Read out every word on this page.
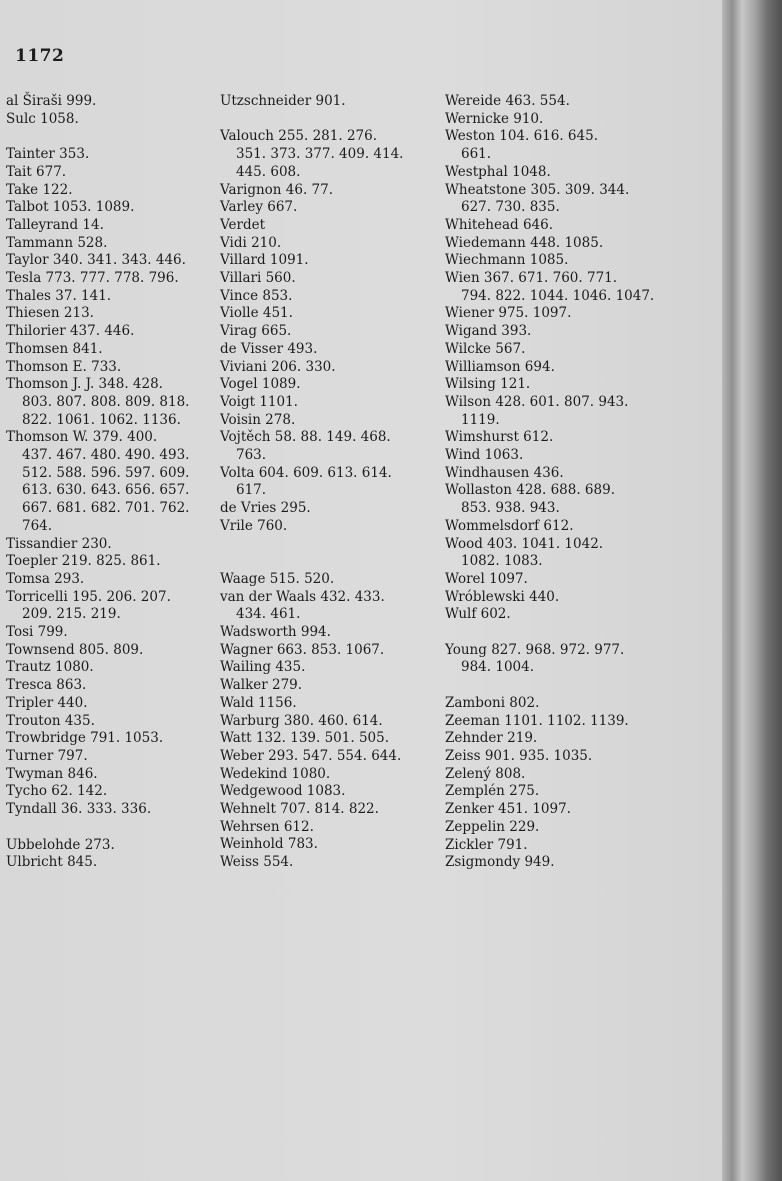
1172
al Širaši 999.
Sulc 1058.
Tainter 353.
Tait 677.
Take 122.
Talbot 1053. 1089.
Talleyrand 14.
Tammann 528.
Taylor 340. 341. 343. 446.
Tesla 773. 777. 778. 796.
Thales 37. 141.
Thiesen 213.
Thilorier 437. 446.
Thomsen 841.
Thomson E. 733.
Thomson J. J. 348. 428.

803. 807. 808. 809. 818.
822. 1061. 1062. 1136.
Thomson W. 379. 400.

437. 467. 480. 490. 493.
512. 588. 596. 597. 609.
613. 630. 643. 656. 657.
667. 681. 682. 701. 762.
764.
Tissandier 230.
Toepler 219. 825. 861.
Tomsa 293.
Torricelli 195. 206. 207.

209. 215. 219.
Tosi 799.
Townsend 805. 809.
Trautz 1080.
Tresca 863.
Tripler 440.
Trouton 435.
Trowbridge 791. 1053.
Turner 797.
Twyman 846.
Tycho 62. 142.
Tyndall 36. 333. 336.
Ubbelohde 273.
Ulbricht 845.
Utzschneider 901.
Valouch 255. 281. 276.

351. 373. 377. 409. 414.
445. 608.
Varignon 46. 77.
Varley 667.
Verdet
Vidi 210.
Villard 1091.
Villari 560.
Vince 853.
Violle 451.
Virag 665.
de Visser 493.
Viviani 206. 330.
Vogel 1089.
Voigt 1101.
Voisin 278.
Vojtěch 58. 88. 149. 468.

763.
Volta 604. 609. 613. 614.

617.
de Vries 295.
Vrile 760.
Waage 515. 520.
van der Waals 432. 433.

434. 461.
Wadsworth 994.
Wagner 663. 853. 1067.
Wailing 435.
Walker 279.
Wald 1156.
Warburg 380. 460. 614.
Watt 132. 139. 501. 505.
Weber 293. 547. 554. 644.
Wedekind 1080.
Wedgewood 1083.
Wehnelt 707. 814. 822.
Wehrsen 612.
Weinhold 783.
Weiss 554.
Wereide 463. 554.
Wernicke 910.
Weston 104. 616. 645.

661.
Westphal 1048.
Wheatstone 305. 309. 344.

627. 730. 835.
Whitehead 646.
Wiedemann 448. 1085.
Wiechmann 1085.
Wien 367. 671. 760. 771.

794. 822. 1044. 1046. 1047.
Wiener 975. 1097.
Wigand 393.
Wilcke 567.
Williamson 694.
Wilsing 121.
Wilson 428. 601. 807. 943.

1119.
Wimshurst 612.
Wind 1063.
Windhausen 436.
Wollaston 428. 688. 689.

853. 938. 943.
Wommelsdorf 612.
Wood 403. 1041. 1042.

1082. 1083.
Worel 1097.
Wróblewski 440.
Wulf 602.
Young 827. 968. 972. 977.

984. 1004.
Zamboni 802.
Zeeman 1101. 1102. 1139.
Zehnder 219.
Zeiss 901. 935. 1035.
Zelený 808.
Zemplén 275.
Zenker 451. 1097.
Zeppelin 229.
Zickler 791.
Zsigmondy 949.
